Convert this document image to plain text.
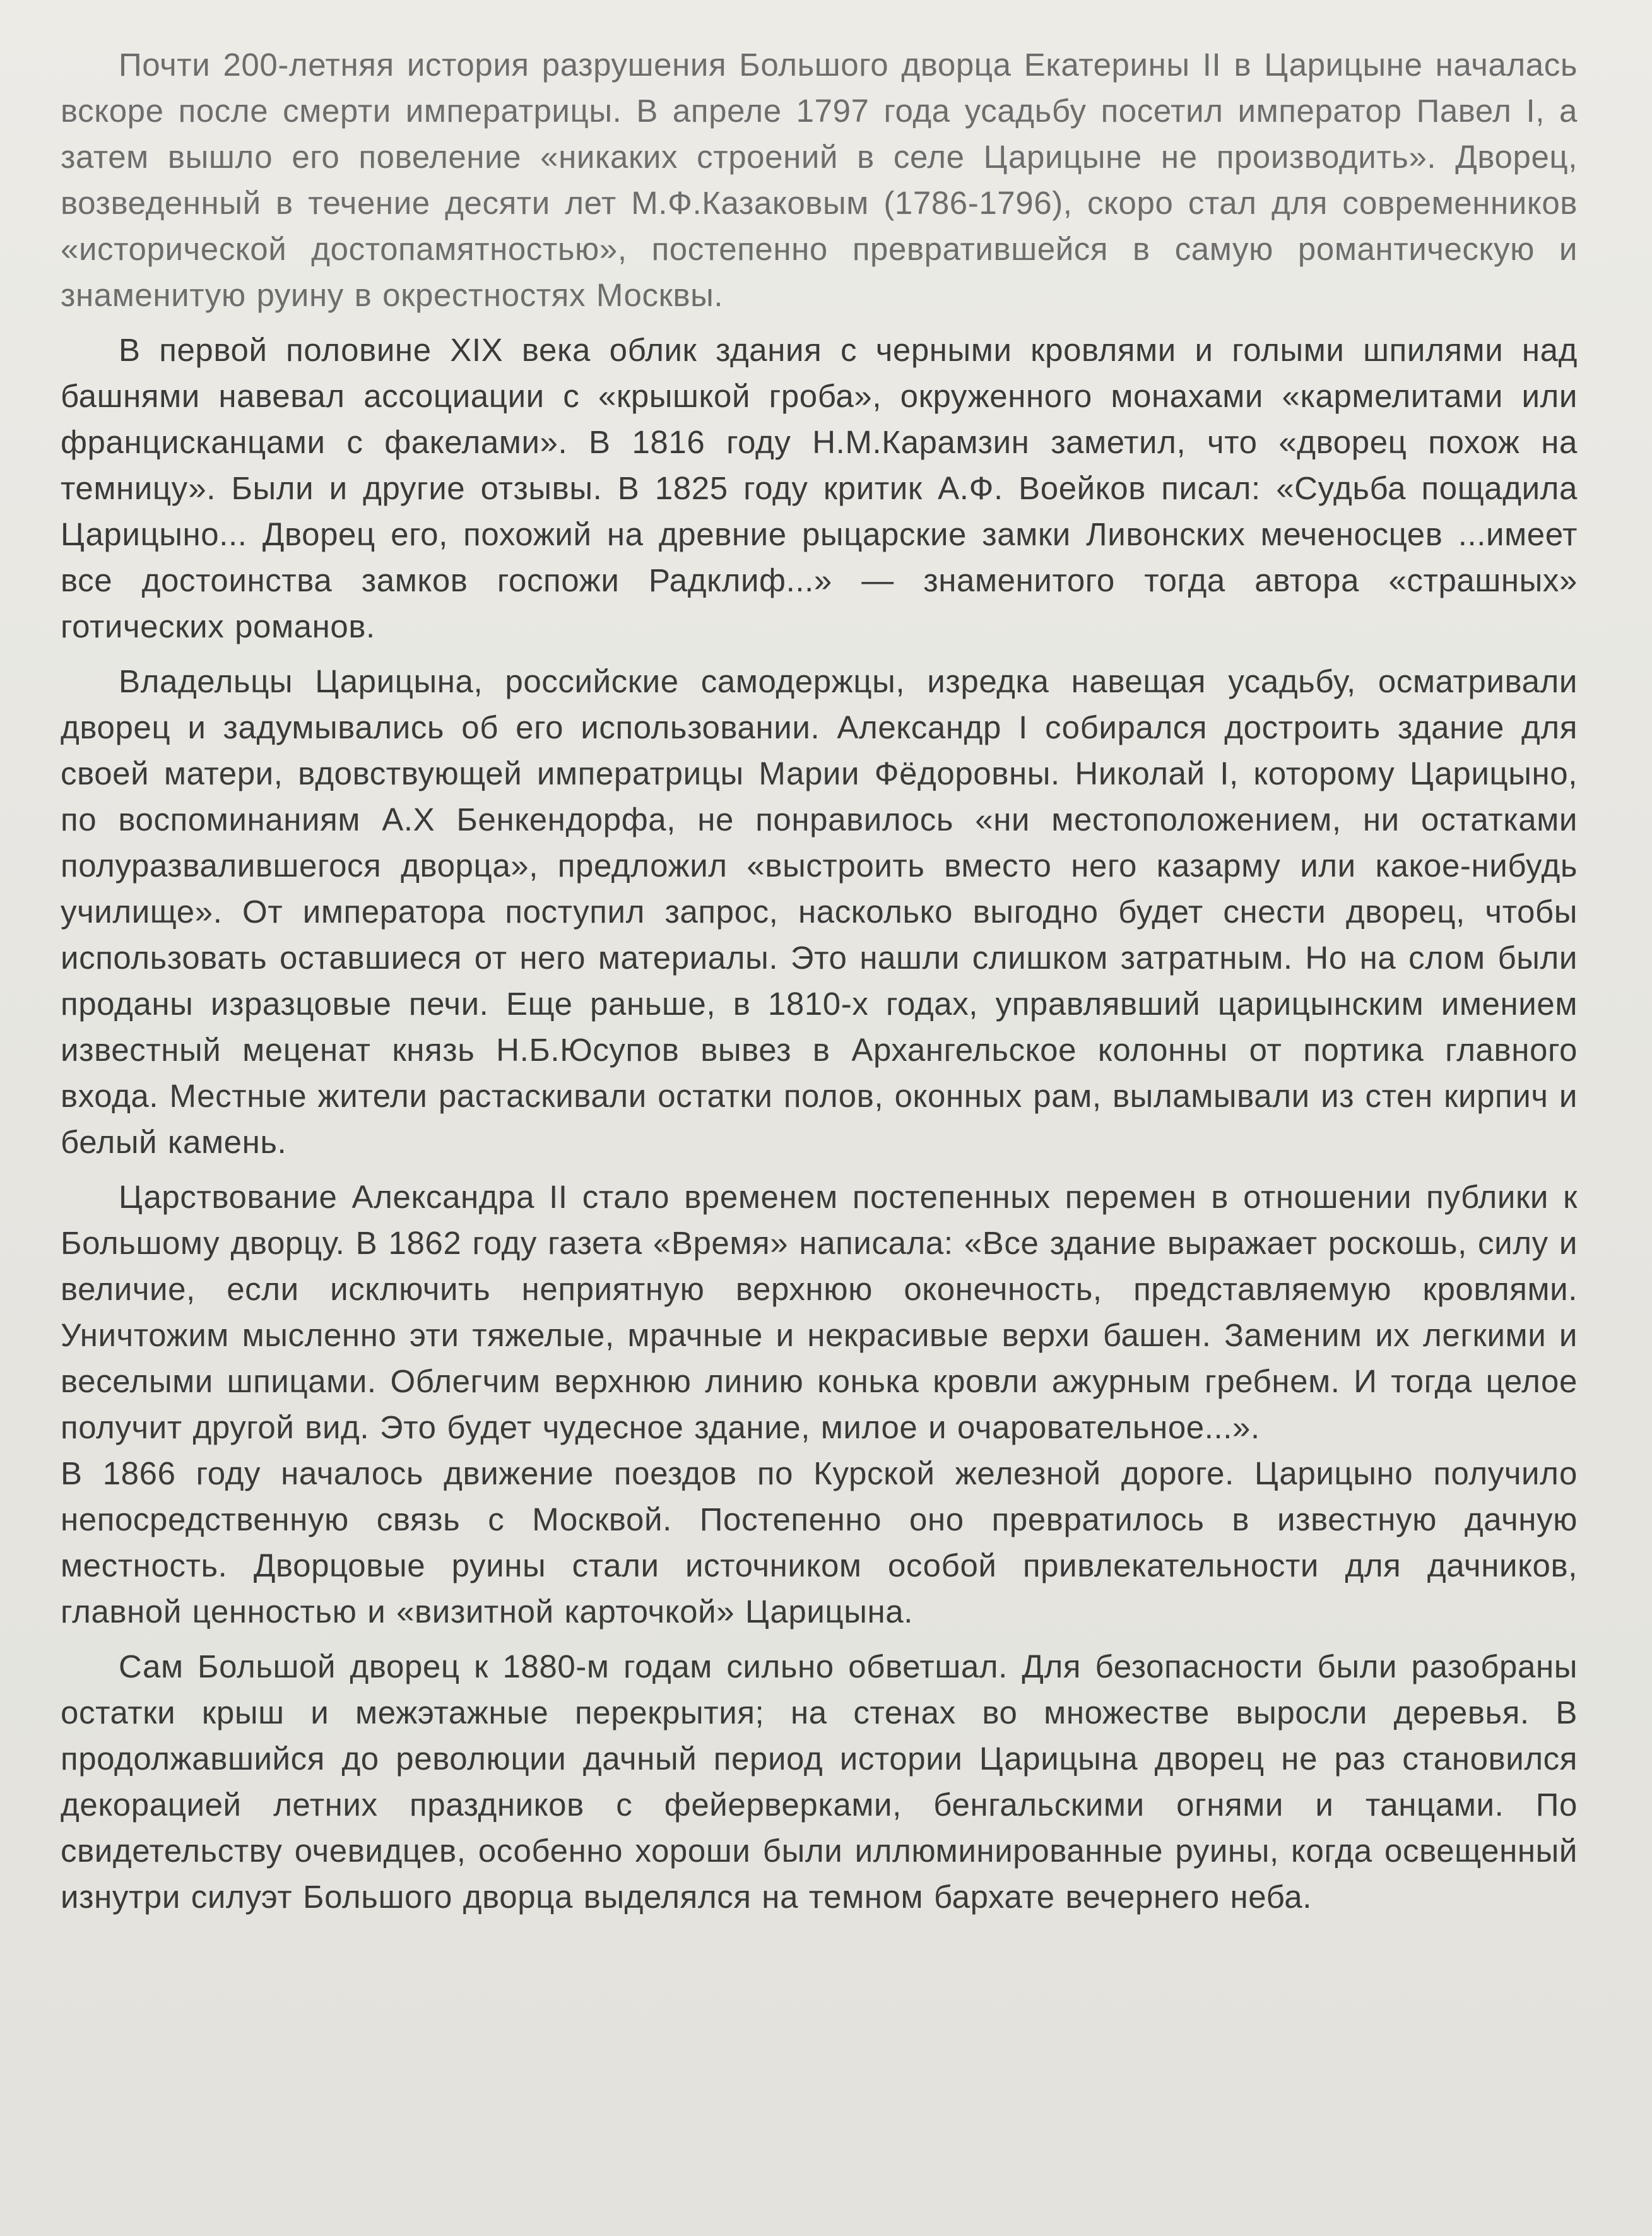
Почти 200-летняя история разрушения Большого дворца Екатерины II в Царицыне началась вскоре после смерти императрицы. В апреле 1797 года усадьбу посетил император Павел I, а затем вышло его повеление «никаких строений в селе Царицыне не производить». Дворец, возведенный в течение десяти лет М.Ф.Казаковым (1786-1796), скоро стал для современников «исторической достопамятностью», постепенно превратившейся в самую романтическую и знаменитую руину в окрестностях Москвы.

В первой половине XIX века облик здания с черными кровлями и голыми шпилями над башнями навевал ассоциации с «крышкой гроба», окруженного монахами «кармелитами или францисканцами с факелами». В 1816 году Н.М.Карамзин заметил, что «дворец похож на темницу». Были и другие отзывы. В 1825 году критик А.Ф. Воейков писал: «Судьба пощадила Царицыно... Дворец его, похожий на древние рыцарские замки Ливонских меченосцев ...имеет все достоинства замков госпожи Радклиф...» — знаменитого тогда автора «страшных» готических романов.

Владельцы Царицына, российские самодержцы, изредка навещая усадьбу, осматривали дворец и задумывались об его использовании. Александр I собирался достроить здание для своей матери, вдовствующей императрицы Марии Фёдоровны. Николай I, которому Царицыно, по воспоминаниям А.Х Бенкендорфа, не понравилось «ни местоположением, ни остатками полуразвалившегося дворца», предложил «выстроить вместо него казарму или какое-нибудь училище». От императора поступил запрос, насколько выгодно будет снести дворец, чтобы использовать оставшиеся от него материалы. Это нашли слишком затратным. Но на слом были проданы изразцовые печи. Еще раньше, в 1810-х годах, управлявший царицынским имением известный меценат князь Н.Б.Юсупов вывез в Архангельское колонны от портика главного входа. Местные жители растаскивали остатки полов, оконных рам, выламывали из стен кирпич и белый камень.

Царствование Александра II стало временем постепенных перемен в отношении публики к Большому дворцу. В 1862 году газета «Время» написала: «Все здание выражает роскошь, силу и величие, если исключить неприятную верхнюю оконечность, представляемую кровлями. Уничтожим мысленно эти тяжелые, мрачные и некрасивые верхи башен. Заменим их легкими и веселыми шпицами. Облегчим верхнюю линию конька кровли ажурным гребнем. И тогда целое получит другой вид. Это будет чудесное здание, милое и очаровательное...».

В 1866 году началось движение поездов по Курской железной дороге. Царицыно получило непосредственную связь с Москвой. Постепенно оно превратилось в известную дачную местность. Дворцовые руины стали источником особой привлекательности для дачников, главной ценностью и «визитной карточкой» Царицына.

Сам Большой дворец к 1880-м годам сильно обветшал. Для безопасности были разобраны остатки крыш и межэтажные перекрытия; на стенах во множестве выросли деревья. В продолжавшийся до революции дачный период истории Царицына дворец не раз становился декорацией летних праздников с фейерверками, бенгальскими огнями и танцами. По свидетельству очевидцев, особенно хороши были иллюминированные руины, когда освещенный изнутри силуэт Большого дворца выделялся на темном бархате вечернего неба.
